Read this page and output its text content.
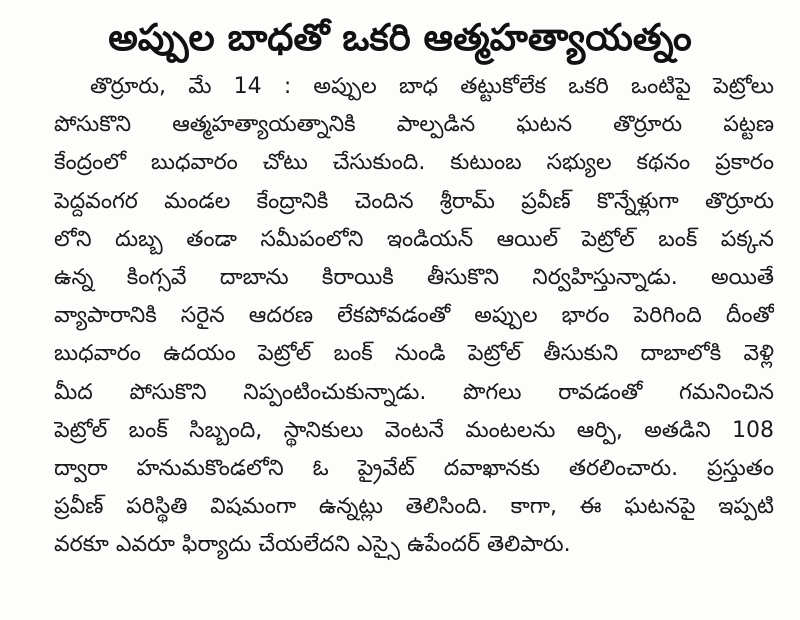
అప్పుల బాధతో ఒకరి ఆత్మహత్యాయత్నం
తొర్రూరు, మే 14 : అప్పుల బాధ తట్టుకోలేక ఒకరి ఒంటిపై పెట్రోలు
పోసుకొని ఆత్మహత్యాయత్నానికి పాల్పడిన ఘటన తొర్రూరు పట్టణ
కేంద్రంలో బుధవారం చోటు చేసుకుంది. కుటుంబ సభ్యుల కథనం ప్రకారం
పెద్దవంగర మండల కేంద్రానికి చెందిన శ్రీరామ్ ప్రవీణ్ కొన్నేళ్లుగా తొర్రూరు
లోని దుబ్బ తండా సమీపంలోని ఇండియన్ ఆయిల్ పెట్రోల్ బంక్ పక్కన
ఉన్న కింగ్సవే దాబాను కిరాయికి తీసుకొని నిర్వహిస్తున్నాడు. అయితే
వ్యాపారానికి సరైన ఆదరణ లేకపోవడంతో అప్పుల భారం పెరిగింది దీంతో
బుధవారం ఉదయం పెట్రోల్ బంక్ నుండి పెట్రోల్ తీసుకుని దాబాలోకి వెళ్లి
మీద పోసుకొని నిప్పంటించుకున్నాడు. పొగలు రావడంతో గమనించిన
పెట్రోల్ బంక్ సిబ్బంది, స్థానికులు వెంటనే మంటలను ఆర్పి, అతడిని 108
ద్వారా హనుమకొండలోని ఓ ప్రైవేట్ దవాఖానకు తరలించారు. ప్రస్తుతం
ప్రవీణ్ పరిస్థితి విషమంగా ఉన్నట్లు తెలిసింది. కాగా, ఈ ఘటనపై ఇప్పటి
వరకూ ఎవరూ ఫిర్యాదు చేయలేదని ఎస్సై ఉపేందర్ తెలిపారు.
